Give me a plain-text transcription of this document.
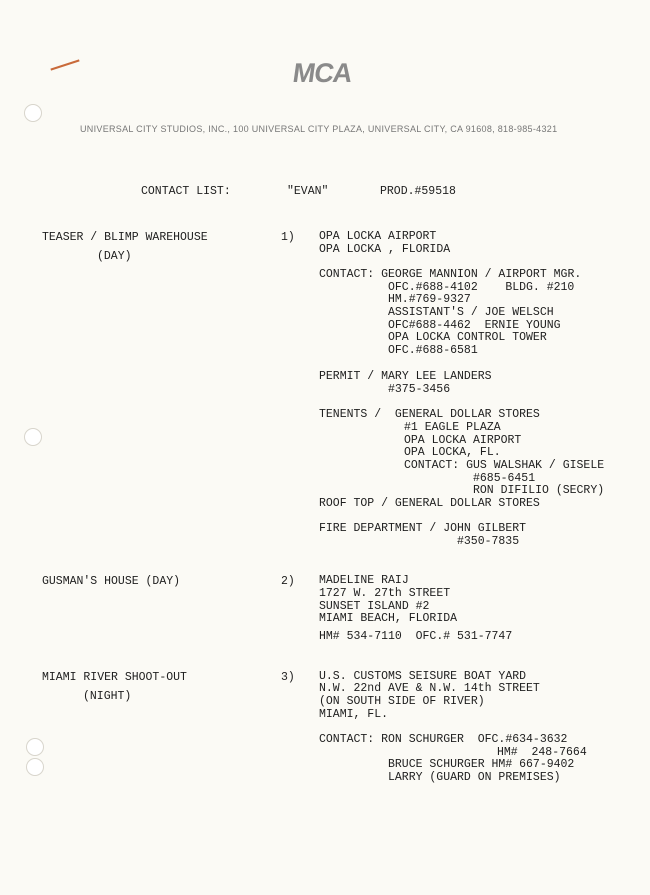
MCA
UNIVERSAL CITY STUDIOS, INC., 100 UNIVERSAL CITY PLAZA, UNIVERSAL CITY, CA 91608, 818-985-4321
CONTACT LIST:	"EVAN"	PROD.#59518
TEASER / BLIMP WAREHOUSE
(DAY)
1) OPA LOCKA AIRPORT
OPA LOCKA , FLORIDA
CONTACT: GEORGE MANNION / AIRPORT MGR.
OFC.#688-4102    BLDG. #210
HM.#769-9327
ASSISTANT'S / JOE WELSCH
OFC#688-4462  ERNIE YOUNG
OPA LOCKA CONTROL TOWER
OFC.#688-6581
PERMIT / MARY LEE LANDERS
#375-3456
TENENTS /  GENERAL DOLLAR STORES
#1 EAGLE PLAZA
OPA LOCKA AIRPORT
OPA LOCKA, FL.
CONTACT: GUS WALSHAK / GISELE
#685-6451
RON DIFILIO (SECRY)
ROOF TOP / GENERAL DOLLAR STORES
FIRE DEPARTMENT / JOHN GILBERT
#350-7835
GUSMAN'S HOUSE (DAY)	2) MADELINE RAIJ
1727 W. 27th STREET
SUNSET ISLAND #2
MIAMI BEACH, FLORIDA
HM# 534-7110  OFC.# 531-7747
MIAMI RIVER SHOOT-OUT
(NIGHT)
3) U.S. CUSTOMS SEISURE BOAT YARD
N.W. 22nd AVE & N.W. 14th STREET
(ON SOUTH SIDE OF RIVER)
MIAMI, FL.
CONTACT: RON SCHURGER  OFC.#634-3632
HM#  248-7664
BRUCE SCHURGER HM# 667-9402
LARRY (GUARD ON PREMISES)
